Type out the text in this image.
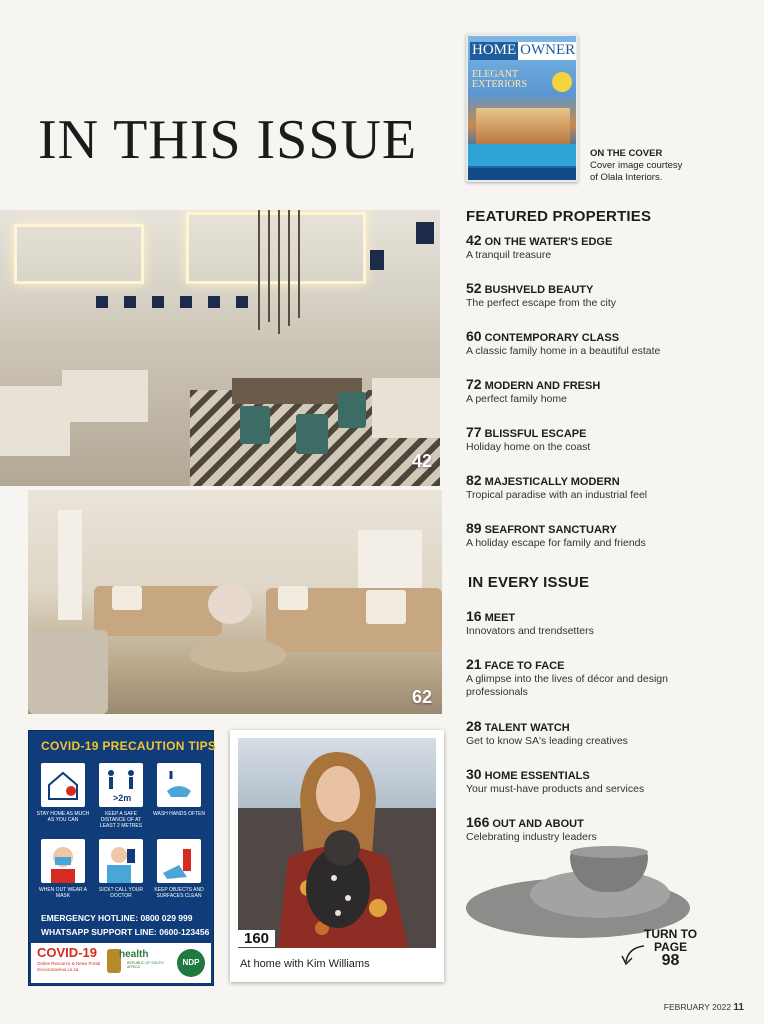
IN THIS ISSUE
HOME OWNER
ELEGANT EXTERIORS
ON THE COVER
Cover image courtesy
of Olala Interiors.
42
62
COVID-19 PRECAUTION TIPS
>2m
STAY HOME AS MUCH AS YOU CAN
KEEP A SAFE DISTANCE OF AT LEAST 2 METRES
WASH HANDS OFTEN
WHEN OUT WEAR A MASK
SICK? CALL YOUR DOCTOR
KEEP OBJECTS AND SURFACES CLEAN
EMERGENCY HOTLINE: 0800 029 999
WHATSAPP SUPPORT LINE: 0600-123456
COVID-19
Online Resource & News Portal
SAcoronavirus.co.za
health
REPUBLIC OF SOUTH AFRICA	NDP
160
At home with Kim Williams
FEATURED PROPERTIES
42 ON THE WATER'S EDGE
A tranquil treasure
52 BUSHVELD BEAUTY
The perfect escape from the city
60 CONTEMPORARY CLASS
A classic family home in a beautiful estate
72 MODERN AND FRESH
A perfect family home
77 BLISSFUL ESCAPE
Holiday home on the coast
82 MAJESTICALLY MODERN
Tropical paradise with an industrial feel
89 SEAFRONT SANCTUARY
A holiday escape for family and friends
IN EVERY ISSUE
16 MEET
Innovators and trendsetters
21 FACE TO FACE
A glimpse into the lives of décor and design professionals
28 TALENT WATCH
Get to know SA's leading creatives
30 HOME ESSENTIALS
Your must-have products and services
166 OUT AND ABOUT
Celebrating industry leaders
TURN TO
PAGE
98
FEBRUARY 2022 11
